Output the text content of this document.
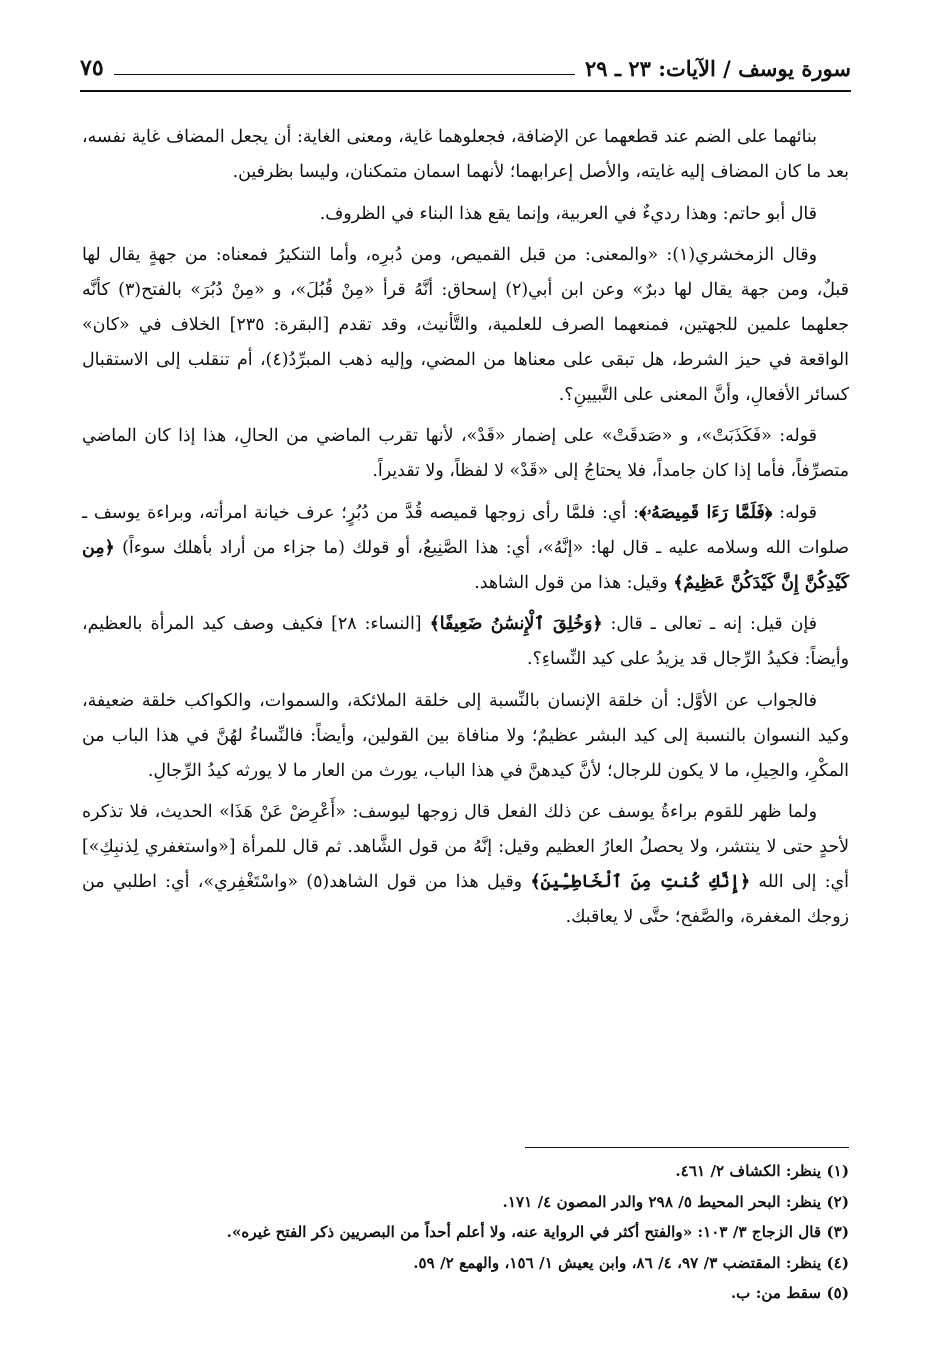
سورة يوسف / الآيات: ٢٣ ـ ٢٩
٧٥

بنائهما على الضم عند قطعهما عن الإضافة، فجعلوهما غاية، ومعنى الغاية: أن يجعل المضاف غاية نفسه، بعد ما كان المضاف إليه غايته، والأصل إعرابهما؛ لأنهما اسمان متمكنان، وليسا بظرفين.

قال أبو حاتم: وهذا رديءٌ في العربية، وإنما يقع هذا البناء في الظروف.

وقال الزمخشري(١): «والمعنى: من قبل القميص، ومن دُبرِه، وأما التنكيرُ فمعناه: من جهةٍ يقال لها قبلٌ، ومن جهة يقال لها دبرٌ» وعن ابن أبي(٢) إسحاق: أنَّهُ قرأ «مِنْ قُبُلَ»، و «مِنْ دُبُرَ» بالفتح(٣) كأنَّه جعلهما علمين للجهتين، فمنعهما الصرف للعلمية، والتَّأنيث، وقد تقدم [البقرة: ٢٣٥] الخلاف في «كان» الواقعة في حيز الشرط، هل تبقى على معناها من المضي، وإليه ذهب المبرِّدُ(٤)، أم تنقلب إلى الاستقبال كسائر الأفعالِ، وأنَّ المعنى على التَّبيينِ؟.

قوله: «فَكَذَبَتْ»، و «صَدقَتْ» على إضمار «قَدْ»، لأنها تقرب الماضي من الحالِ، هذا إذا كان الماضي متصرِّفاً، فأما إذا كان جامداً، فلا يحتاجُ إلى «قَدْ» لا لفظاً، ولا تقديراً.

قوله: ﴿فَلَمَّا رَءَا قَمِيصَهُۥ﴾: أي: فلمَّا رأى زوجها قميصه قُدَّ من دُبُرٍ؛ عرف خيانة امرأته، وبراءة يوسف ـ صلوات الله وسلامه عليه ـ قال لها: «إنَّهُ»، أي: هذا الصَّنِيعُ، أو قولك (ما جزاء من أراد بأهلك سوءاً) ﴿مِن كَيْدِكُنَّ إِنَّ كَيْدَكُنَّ عَظِيمٌ﴾ وقيل: هذا من قول الشاهد.

فإن قيل: إنه ـ تعالى ـ قال: ﴿وَخُلِقَ ٱلْإِنسَٰنُ ضَعِيفًا﴾ [النساء: ٢٨] فكيف وصف كيد المرأة بالعظيم، وأيضاً: فكيدُ الرِّجال قد يزيدُ على كيد النِّساءِ؟.

فالجواب عن الأوَّل: أن خلقة الإنسان بالنِّسبة إلى خلقة الملائكة، والسموات، والكواكب خلقة ضعيفة، وكيد النسوان بالنسبة إلى كيد البشر عظيمٌ؛ ولا منافاة بين القولين، وأيضاً: فالنِّساءُ لهُنَّ في هذا الباب من المكْرِ، والحِيلِ، ما لا يكون للرجال؛ لأنَّ كيدهنَّ في هذا الباب، يورث من العار ما لا يورثه كيدُ الرِّجالِ.

ولما ظهر للقوم براءةُ يوسف عن ذلك الفعل قال زوجها ليوسف: «أَعْرِضْ عَنْ هَذَا» الحديث، فلا تذكره لأحدٍ حتى لا ينتشر، ولا يحصلُ العارُ العظيم وقيل: إنَّهُ من قول الشَّاهد. ثم قال للمرأة [«واستغفري لِذنبِكِ»] أي: إلى الله ﴿إِنَّكِ كُنتِ مِنَ ٱلْخَاطِـِٔينَ﴾ وقيل هذا من قول الشاهد(٥) «واسْتَغْفِري»، أي: اطلبي من زوجك المغفرة، والصَّفح؛ حتَّى لا يعاقبك.

(١) ينظر: الكشاف ٢/ ٤٦١.
(٢) ينظر: البحر المحيط ٥/ ٢٩٨ والدر المصون ٤/ ١٧١.
(٣) قال الزجاج ٣/ ١٠٣: «والفتح أكثر في الرواية عنه، ولا أعلم أحداً من البصريين ذكر الفتح غيره».
(٤) ينظر: المقتضب ٣/ ٩٧، ٤/ ٨٦، وابن يعيش ١/ ١٥٦، والهمع ٢/ ٥٩.
(٥) سقط من: ب.
